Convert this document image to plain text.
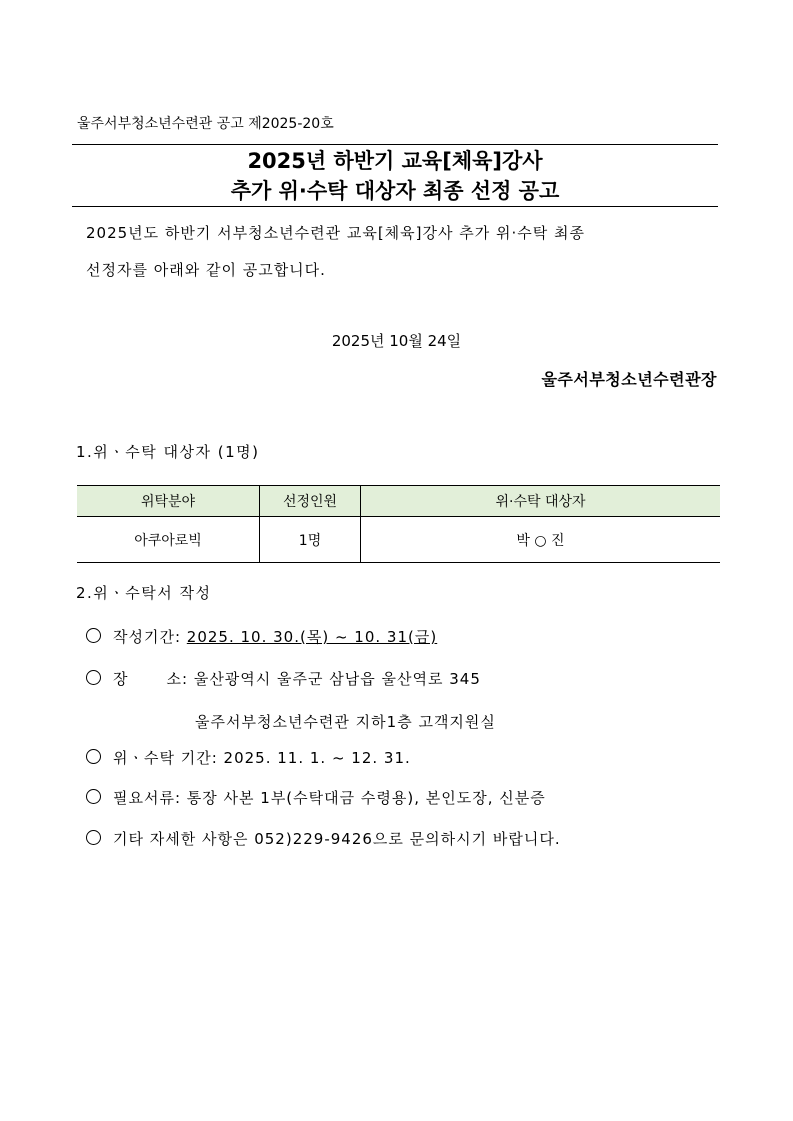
울주서부청소년수련관 공고 제2025-20호
2025년 하반기 교육[체육]강사
추가 위·수탁 대상자 최종 선정 공고
2025년도 하반기 서부청소년수련관 교육[체육]강사 추가 위·수탁 최종
선정자를 아래와 같이 공고합니다.
2025년 10월 24일
울주서부청소년수련관장
1.위ㆍ수탁 대상자 (1명)
위탁분야	선정인원	위·수탁 대상자
아쿠아로빅	1명	박 ○ 진
2.위ㆍ수탁서 작성
작성기간: 2025. 10. 30.(목) ~ 10. 31(금)
장	소: 울산광역시 울주군 삼남읍 울산역로 345
울주서부청소년수련관 지하1층 고객지원실
위ㆍ수탁 기간: 2025. 11. 1. ~ 12. 31.
필요서류: 통장 사본 1부(수탁대금 수령용), 본인도장, 신분증
기타 자세한 사항은 052)229-9426으로 문의하시기 바랍니다.
